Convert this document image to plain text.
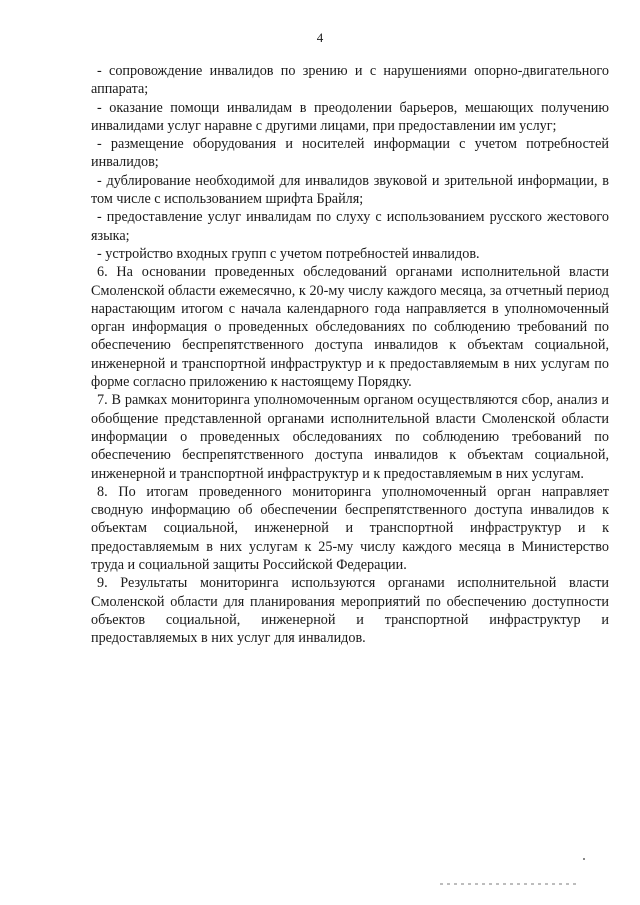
4

- сопровождение инвалидов по зрению и с нарушениями опорно-двигательного аппарата;

- оказание помощи инвалидам в преодолении барьеров, мешающих получению инвалидами услуг наравне с другими лицами, при предоставлении им услуг;

- размещение оборудования и носителей информации с учетом потребностей инвалидов;

- дублирование необходимой для инвалидов звуковой и зрительной информации, в том числе с использованием шрифта Брайля;

- предоставление услуг инвалидам по слуху с использованием русского жестового языка;

- устройство входных групп с учетом потребностей инвалидов.

6. На основании проведенных обследований органами исполнительной власти Смоленской области ежемесячно, к 20-му числу каждого месяца, за отчетный период нарастающим итогом с начала календарного года направляется в уполномоченный орган информация о проведенных обследованиях по соблюдению требований по обеспечению беспрепятственного доступа инвалидов к объектам социальной, инженерной и транспортной инфраструктур и к предоставляемым в них услугам по форме согласно приложению к настоящему Порядку.

7. В рамках мониторинга уполномоченным органом осуществляются сбор, анализ и обобщение представленной органами исполнительной власти Смоленской области информации о проведенных обследованиях по соблюдению требований по обеспечению беспрепятственного доступа инвалидов к объектам социальной, инженерной и транспортной инфраструктур и к предоставляемым в них услугам.

8. По итогам проведенного мониторинга уполномоченный орган направляет сводную информацию об обеспечении беспрепятственного доступа инвалидов к объектам социальной, инженерной и транспортной инфраструктур и к предоставляемым в них услугам к 25-му числу каждого месяца в Министерство труда и социальной защиты Российской Федерации.

9. Результаты мониторинга используются органами исполнительной власти Смоленской области для планирования мероприятий по обеспечению доступности объектов социальной, инженерной и транспортной инфраструктур и предоставляемых в них услуг для инвалидов.
